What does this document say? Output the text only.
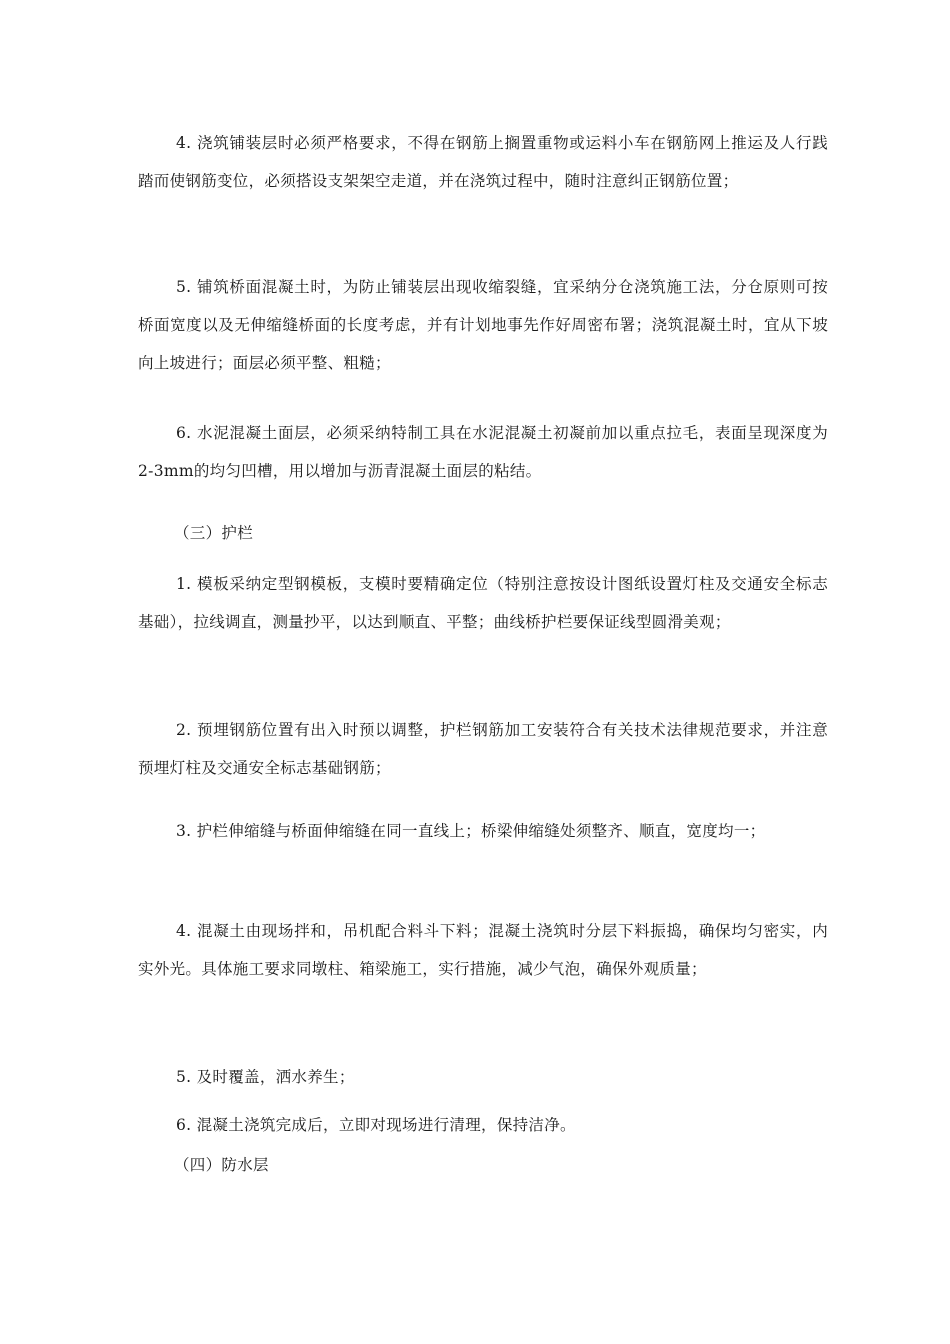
4. 浇筑铺装层时必须严格要求，不得在钢筋上搁置重物或运料小车在钢筋网上推运及人行践踏而使钢筋变位，必须搭设支架架空走道，并在浇筑过程中，随时注意纠正钢筋位置；

5. 铺筑桥面混凝土时，为防止铺装层出现收缩裂缝，宜采纳分仓浇筑施工法，分仓原则可按桥面宽度以及无伸缩缝桥面的长度考虑，并有计划地事先作好周密布署；浇筑混凝土时，宜从下坡向上坡进行；面层必须平整、粗糙；

6. 水泥混凝土面层，必须采纳特制工具在水泥混凝土初凝前加以重点拉毛，表面呈现深度为2-3mm的均匀凹槽，用以增加与沥青混凝土面层的粘结。

（三）护栏

1. 模板采纳定型钢模板，支模时要精确定位（特别注意按设计图纸设置灯柱及交通安全标志基础），拉线调直，测量抄平，以达到顺直、平整；曲线桥护栏要保证线型圆滑美观；

2. 预埋钢筋位置有出入时预以调整，护栏钢筋加工安装符合有关技术法律规范要求，并注意预埋灯柱及交通安全标志基础钢筋；

3. 护栏伸缩缝与桥面伸缩缝在同一直线上；桥梁伸缩缝处须整齐、顺直，宽度均一；

4. 混凝土由现场拌和，吊机配合料斗下料；混凝土浇筑时分层下料振捣，确保均匀密实，内实外光。具体施工要求同墩柱、箱梁施工，实行措施，减少气泡，确保外观质量；

5. 及时覆盖，洒水养生；

6. 混凝土浇筑完成后，立即对现场进行清理，保持洁净。

（四）防水层
